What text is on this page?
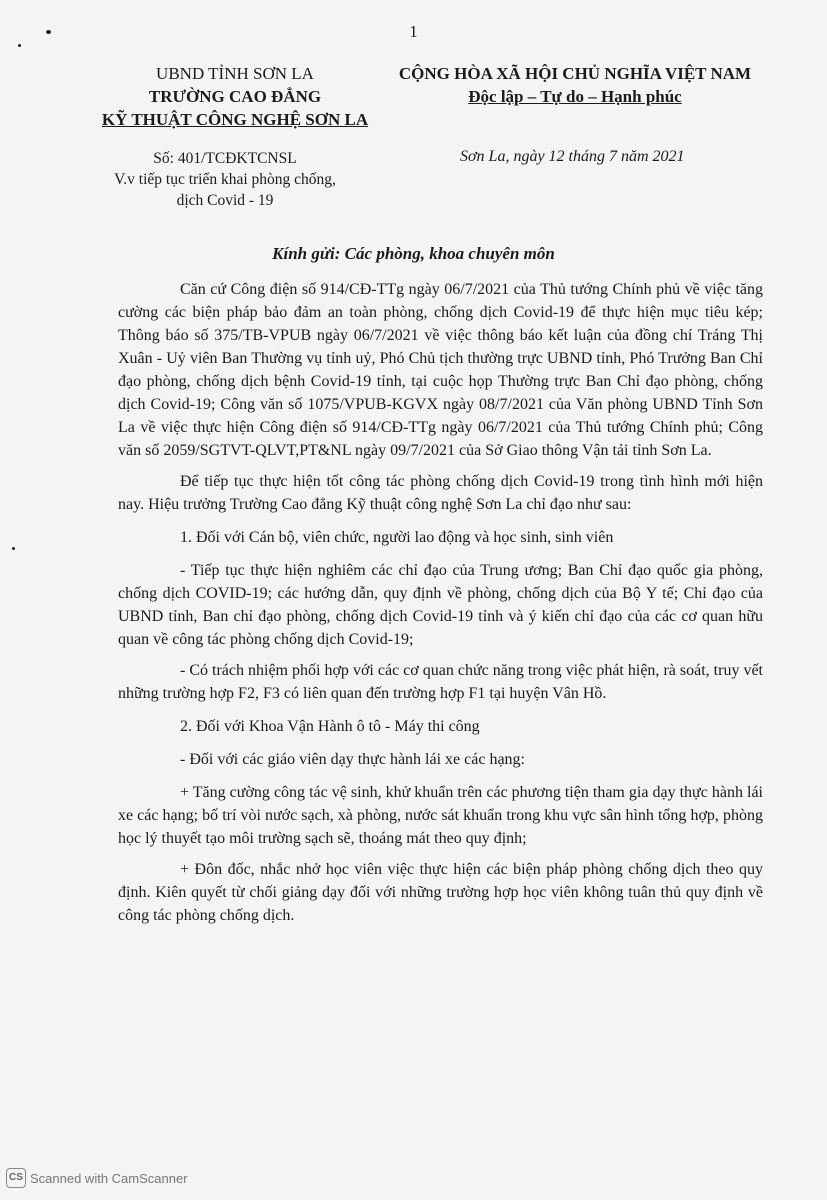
1
UBND TỈNH SƠN LA
TRƯỜNG CAO ĐẲNG
KỸ THUẬT CÔNG NGHỆ SƠN LA
CỘNG HÒA XÃ HỘI CHỦ NGHĨA VIỆT NAM
Độc lập – Tự do – Hạnh phúc
Số: 401/TCĐKTCNSL
V.v tiếp tục triển khai phòng chống,
dịch Covid - 19
Sơn La, ngày 12 tháng 7 năm 2021
Kính gửi: Các phòng, khoa chuyên môn

Căn cứ Công điện số 914/CĐ-TTg ngày 06/7/2021 của Thủ tướng Chính phủ về việc tăng cường các biện pháp bảo đảm an toàn phòng, chống dịch Covid-19 để thực hiện mục tiêu kép; Thông báo số 375/TB-VPUB ngày 06/7/2021 về việc thông báo kết luận của đồng chí Tráng Thị Xuân - Uỷ viên Ban Thường vụ tỉnh uỷ, Phó Chủ tịch thường trực UBND tỉnh, Phó Trưởng Ban Chỉ đạo phòng, chống dịch bệnh Covid-19 tỉnh, tại cuộc họp Thường trực Ban Chỉ đạo phòng, chống dịch Covid-19; Công văn số 1075/VPUB-KGVX ngày 08/7/2021 của Văn phòng UBND Tỉnh Sơn La về việc thực hiện Công điện số 914/CĐ-TTg ngày 06/7/2021 của Thủ tướng Chính phủ; Công văn số 2059/SGTVT-QLVT,PT&NL ngày 09/7/2021 của Sở Giao thông Vận tải tỉnh Sơn La.

Để tiếp tục thực hiện tốt công tác phòng chống dịch Covid-19 trong tình hình mới hiện nay. Hiệu trưởng Trường Cao đẳng Kỹ thuật công nghệ Sơn La chỉ đạo như sau:

1. Đối với Cán bộ, viên chức, người lao động và học sinh, sinh viên

- Tiếp tục thực hiện nghiêm các chỉ đạo của Trung ương; Ban Chỉ đạo quốc gia phòng, chống dịch COVID-19; các hướng dẫn, quy định về phòng, chống dịch của Bộ Y tế; Chỉ đạo của UBND tỉnh, Ban chỉ đạo phòng, chống dịch Covid-19 tỉnh và ý kiến chỉ đạo của các cơ quan hữu quan về công tác phòng chống dịch Covid-19;

- Có trách nhiệm phối hợp với các cơ quan chức năng trong việc phát hiện, rà soát, truy vết những trường hợp F2, F3 có liên quan đến trường hợp F1 tại huyện Vân Hồ.

2. Đối với Khoa Vận Hành ô tô - Máy thi công

- Đối với các giáo viên dạy thực hành lái xe các hạng:

+ Tăng cường công tác vệ sinh, khử khuẩn trên các phương tiện tham gia dạy thực hành lái xe các hạng; bố trí vòi nước sạch, xà phòng, nước sát khuẩn trong khu vực sân hình tổng hợp, phòng học lý thuyết tạo môi trường sạch sẽ, thoáng mát theo quy định;

+ Đôn đốc, nhắc nhở học viên việc thực hiện các biện pháp phòng chống dịch theo quy định. Kiên quyết từ chối giảng dạy đối với những trường hợp học viên không tuân thủ quy định về công tác phòng chống dịch.

CS Scanned with CamScanner
